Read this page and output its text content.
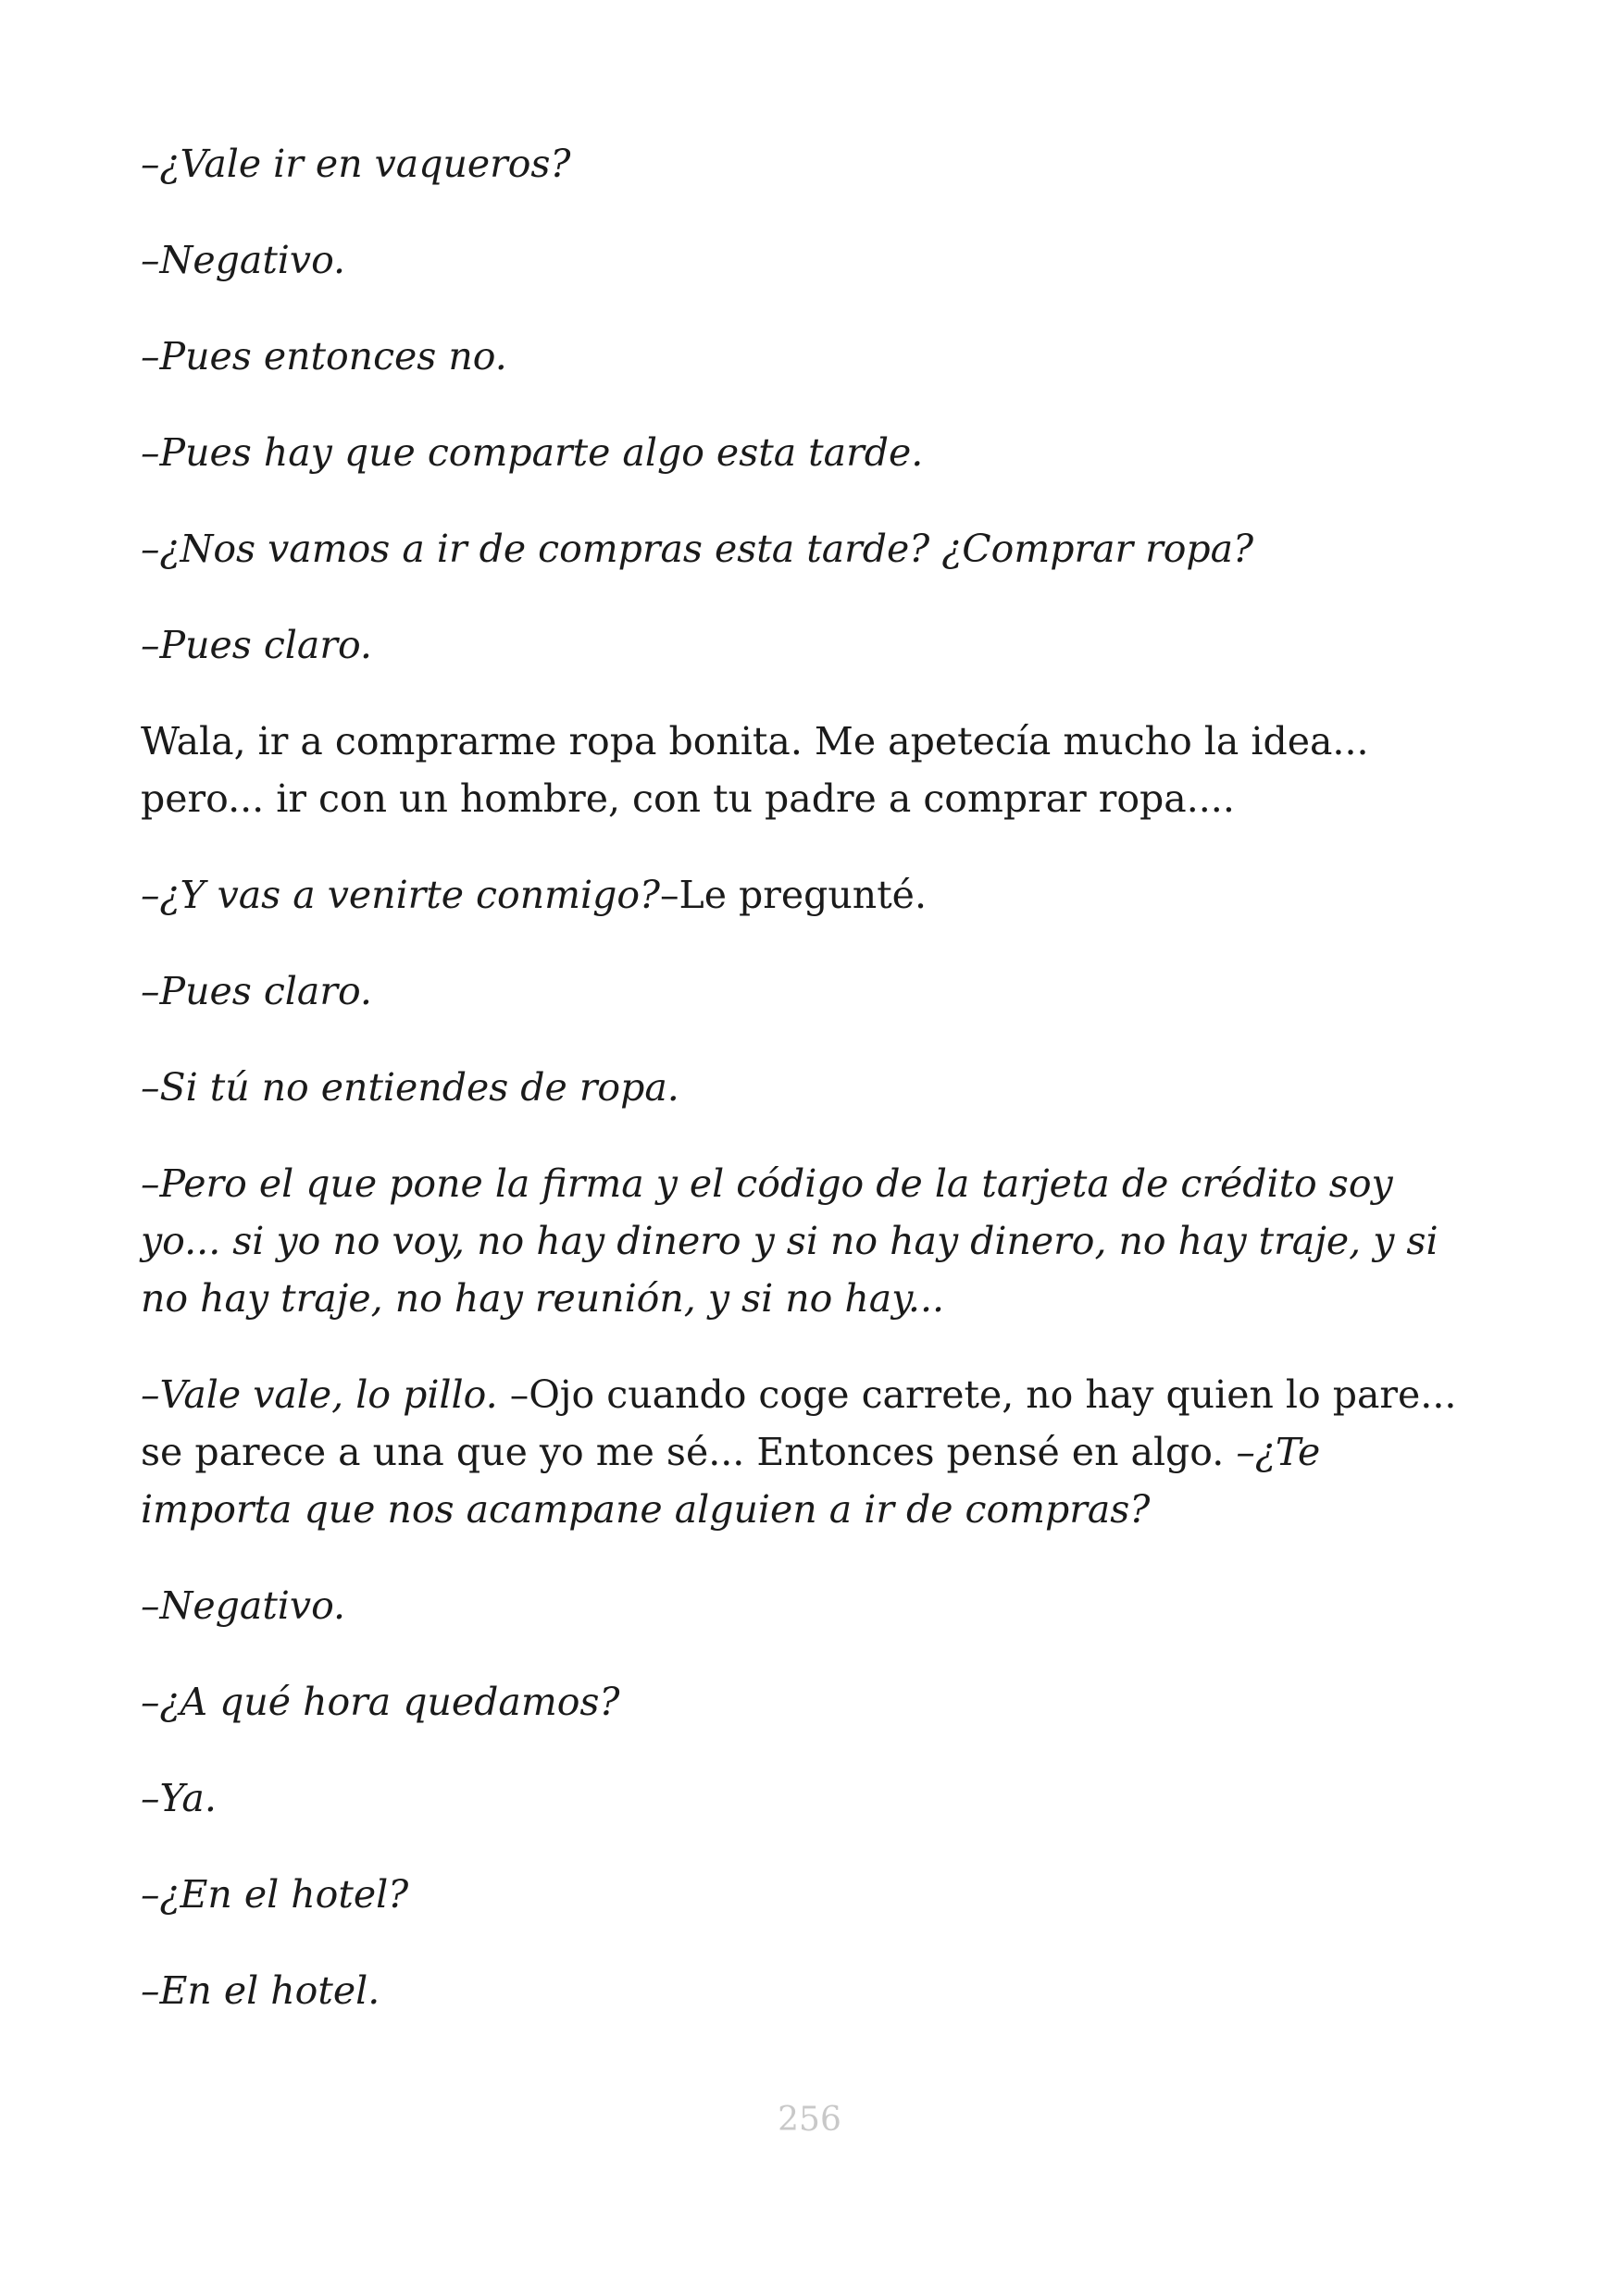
–¿Vale ir en vaqueros?

–Negativo.

–Pues entonces no.

–Pues hay que comparte algo esta tarde.

–¿Nos vamos a ir de compras esta tarde? ¿Comprar ropa?

–Pues claro.

Wala, ir a comprarme ropa bonita. Me apetecía mucho la idea... pero... ir con un hombre, con tu padre a comprar ropa....

–¿Y vas a venirte conmigo?–Le pregunté.

–Pues claro.

–Si tú no entiendes de ropa.

–Pero el que pone la firma y el código de la tarjeta de crédito soy yo... si yo no voy, no hay dinero y si no hay dinero, no hay traje, y si no hay traje, no hay reunión, y si no hay...

–Vale vale, lo pillo. –Ojo cuando coge carrete, no hay quien lo pare... se parece a una que yo me sé... Entonces pensé en algo. –¿Te importa que nos acampane alguien a ir de compras?

–Negativo.

–¿A qué hora quedamos?

–Ya.

–¿En el hotel?

–En el hotel.

256
